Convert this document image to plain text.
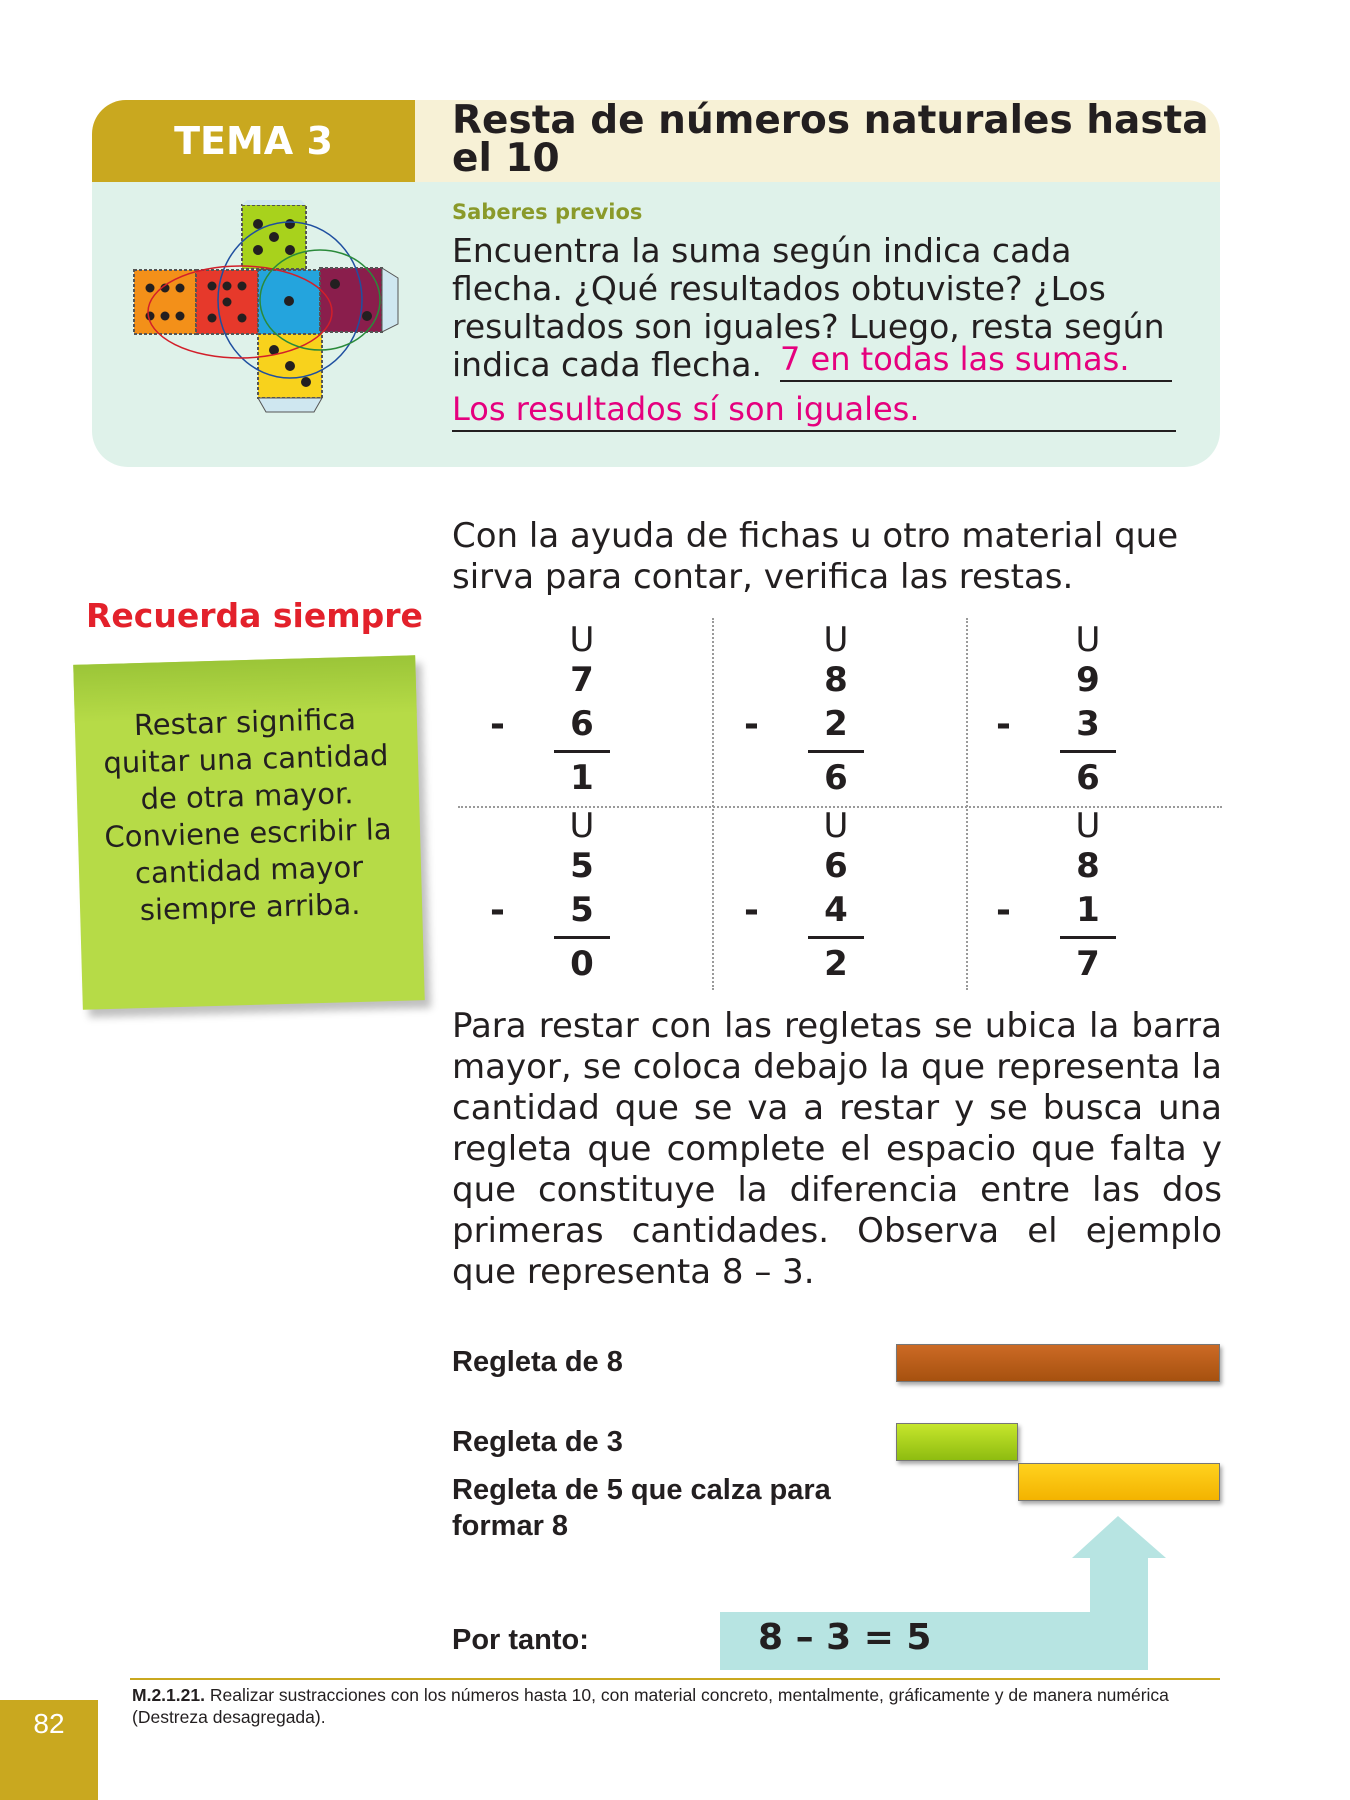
TEMA 3	Resta de números naturales hasta el 10
Saberes previos
Encuentra la suma según indica cada flecha. ¿Qué resultados obtuviste? ¿Los resultados son iguales? Luego, resta según indica cada flecha. 7 en todas las sumas.
Los resultados sí son iguales.
Recuerda siempre
Restar significa quitar una cantidad de otra mayor. Conviene escribir la cantidad mayor siempre arriba.
Con la ayuda de fichas u otro material que sirva para contar, verifica las restas.
U
7
-	6
1
U
8
-	2
6
U
9
-	3
6
U
5
-	5
0
U
6
-	4
2
U
8
-	1
7
Para restar con las regletas se ubica la barra mayor, se coloca debajo la que representa la cantidad que se va a restar y se busca una regleta que complete el espacio que falta y que constituye la diferencia entre las dos primeras cantidades. Observa el ejemplo que representa 8 – 3.
Regleta de 8
Regleta de 3
Regleta de 5 que calza para
formar 8
Por tanto:	8 – 3 = 5
M.2.1.21. Realizar sustracciones con los números hasta 10, con material concreto, mentalmente, gráficamente y de manera numérica (Destreza desagregada).
82
